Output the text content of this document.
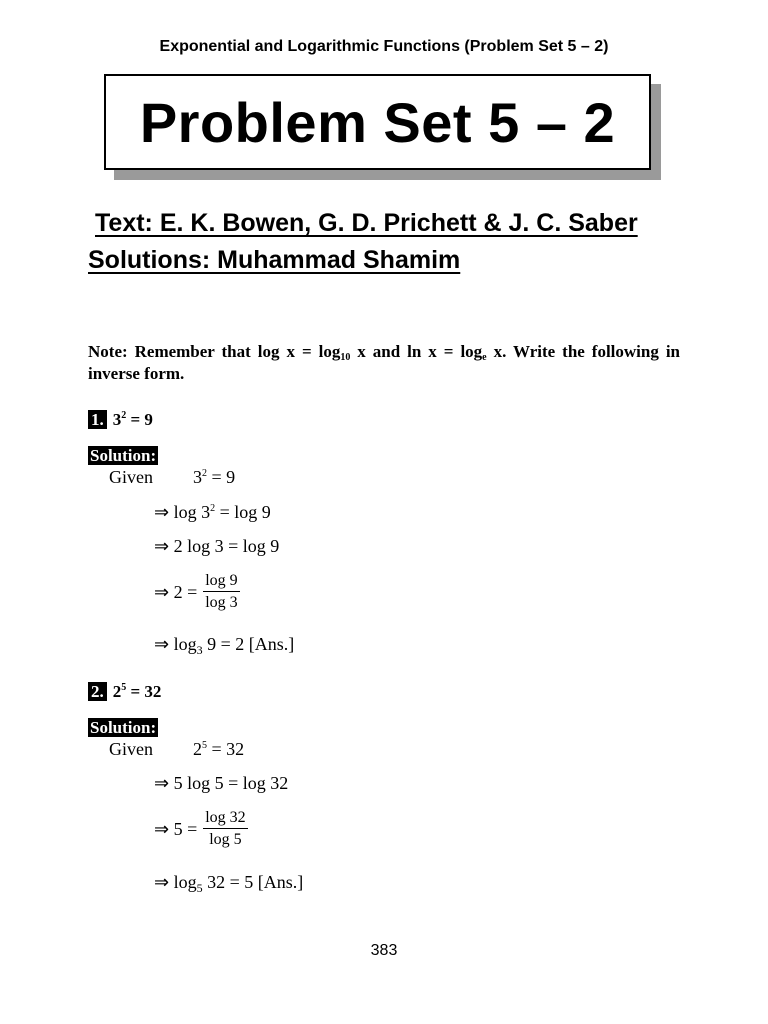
Exponential and Logarithmic Functions (Problem Set 5 – 2)
Problem Set 5 – 2
Text: E. K. Bowen, G. D. Prichett & J. C. Saber
Solutions: Muhammad Shamim
Note: Remember that $\log x = \log_{10} x$ and $\ln x = \log_e x$. Write the following in inverse form.
1. $3^2 = 9$
Solution:
Given $3^2 = 9$
⇒ $\log 3^2 = \log 9$
⇒ 2 log 3 = log 9
⇒ $2 = \frac{\log 9}{\log 3}$
⇒ $\log_3 9 = 2$ [Ans.]
2. $2^5 = 32$
Solution:
Given $2^5 = 32$
⇒ 5 log 5 = log 32
⇒ $5 = \frac{\log 32}{\log 5}$
⇒ $\log_5 32 = 5$ [Ans.]
383
